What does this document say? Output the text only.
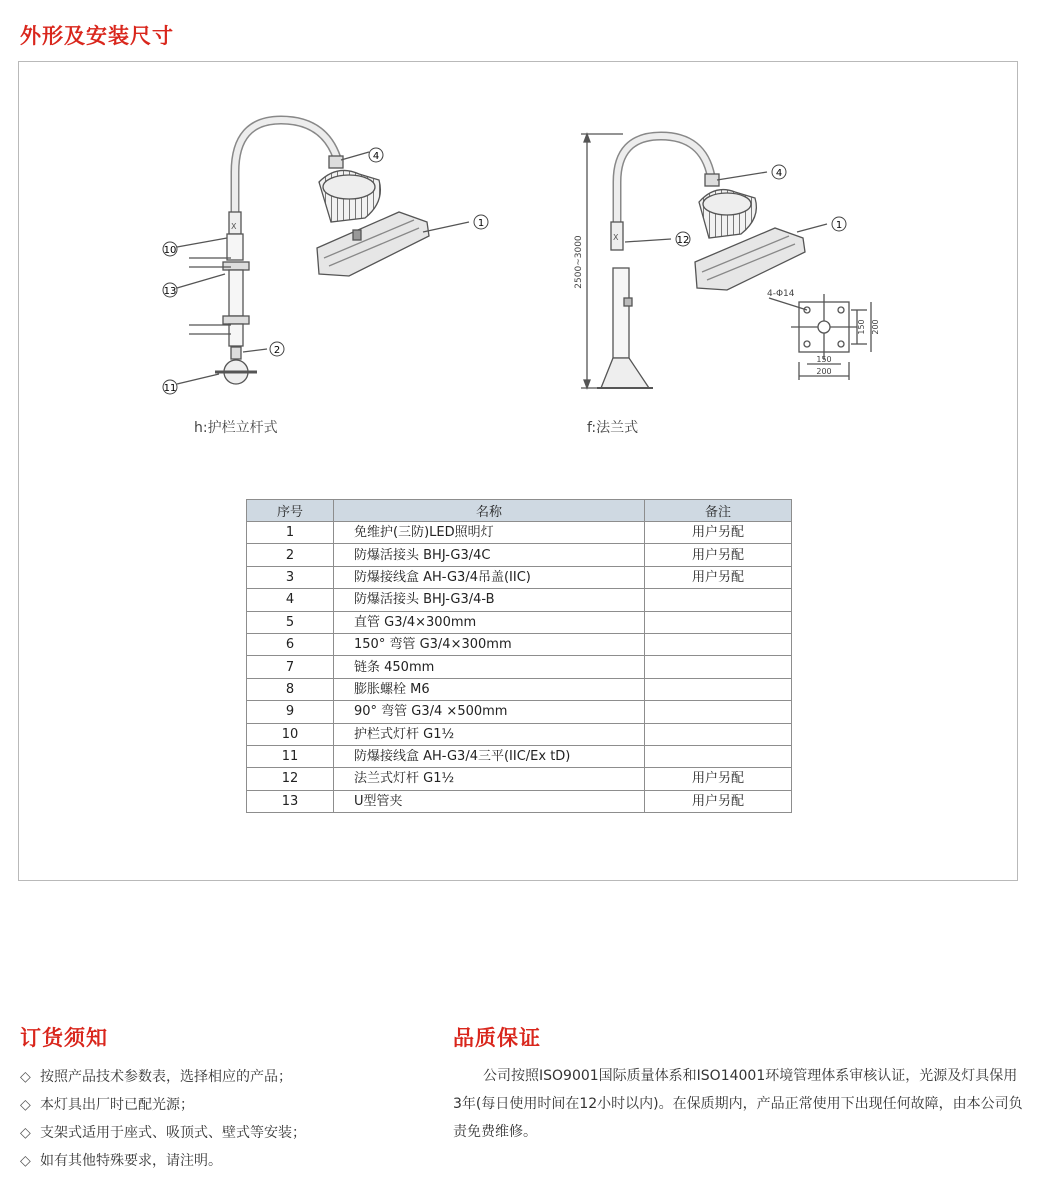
外形及安装尺寸
X
10
13
2
11
4
1
X	12
4
1
2500~3000
4-Φ14
150 200
150
200
h:护栏立杆式	f:法兰式
序号	名称	备注
1	免维护(三防)LED照明灯	用户另配
2	防爆活接头 BHJ-G3/4C	用户另配
3	防爆接线盒 AH-G3/4吊盖(IIC)	用户另配
4	防爆活接头 BHJ-G3/4-B	
5	直管 G3/4×300mm	
6	150° 弯管 G3/4×300mm	
7	链条 450mm	
8	膨胀螺栓 M6	
9	90° 弯管 G3/4 ×500mm	
10	护栏式灯杆 G1½	
11	防爆接线盒 AH-G3/4三平(IIC/Ex tD)	
12	法兰式灯杆 G1½	用户另配
13	U型管夹	用户另配
订货须知
◇ 按照产品技术参数表，选择相应的产品；
◇ 本灯具出厂时已配光源；
◇ 支架式适用于座式、吸顶式、壁式等安装；
◇ 如有其他特殊要求，请注明。
品质保证

公司按照ISO9001国际质量体系和ISO14001环境管理体系审核认证，光源及灯具保用3年(每日使用时间在12小时以内)。在保质期内，产品正常使用下出现任何故障，由本公司负责免费维修。
